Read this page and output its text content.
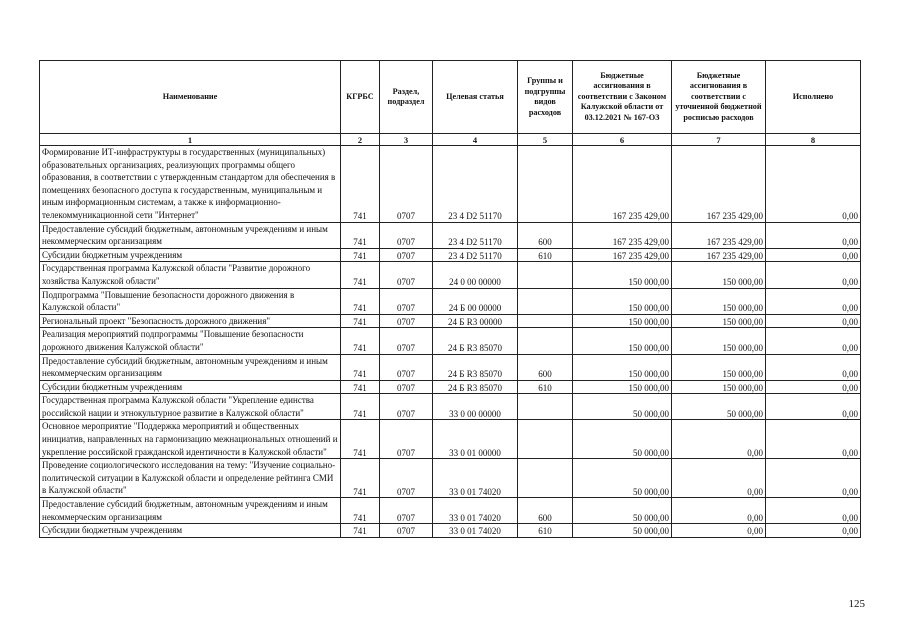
Наименование	КГРБС	Раздел, подраздел	Целевая статья	Группы и подгруппы видов расходов	Бюджетные ассигнования в соответствии с Законом Калужской области от 03.12.2021 № 167-ОЗ	Бюджетные ассигнования в соответствии с уточненной бюджетной росписью расходов	Исполнено
1	2	3	4	5	6	7	8
Формирование ИТ-инфраструктуры в государственных (муниципальных) образовательных организациях, реализующих программы общего образования, в соответствии с утвержденным стандартом для обеспечения в помещениях безопасного доступа к государственным, муниципальным и иным информационным системам, а также к информационно-телекоммуникационной сети "Интернет"	741	0707	23 4 D2 51170		167 235 429,00	167 235 429,00	0,00
Предоставление субсидий бюджетным, автономным учреждениям и иным некоммерческим организациям	741	0707	23 4 D2 51170	600	167 235 429,00	167 235 429,00	0,00
Субсидии бюджетным учреждениям	741	0707	23 4 D2 51170	610	167 235 429,00	167 235 429,00	0,00
Государственная программа Калужской области "Развитие дорожного хозяйства Калужской области"	741	0707	24 0 00 00000		150 000,00	150 000,00	0,00
Подпрограмма "Повышение безопасности дорожного движения в Калужской области"	741	0707	24 Б 00 00000		150 000,00	150 000,00	0,00
Региональный проект "Безопасность дорожного движения"	741	0707	24 Б R3 00000		150 000,00	150 000,00	0,00
Реализация мероприятий подпрограммы "Повышение безопасности дорожного движения Калужской области"	741	0707	24 Б R3 85070		150 000,00	150 000,00	0,00
Предоставление субсидий бюджетным, автономным учреждениям и иным некоммерческим организациям	741	0707	24 Б R3 85070	600	150 000,00	150 000,00	0,00
Субсидии бюджетным учреждениям	741	0707	24 Б R3 85070	610	150 000,00	150 000,00	0,00
Государственная программа Калужской области "Укрепление единства российской нации и этнокультурное развитие в Калужской области"	741	0707	33 0 00 00000		50 000,00	50 000,00	0,00
Основное мероприятие "Поддержка мероприятий и общественных инициатив, направленных на гармонизацию межнациональных отношений и укрепление российской гражданской идентичности в Калужской области"	741	0707	33 0 01 00000		50 000,00	0,00	0,00
Проведение социологического исследования на тему: "Изучение социально-политической ситуации в Калужской области и определение рейтинга СМИ в Калужской области"	741	0707	33 0 01 74020		50 000,00	0,00	0,00
Предоставление субсидий бюджетным, автономным учреждениям и иным некоммерческим организациям	741	0707	33 0 01 74020	600	50 000,00	0,00	0,00
Субсидии бюджетным учреждениям	741	0707	33 0 01 74020	610	50 000,00	0,00	0,00
125
